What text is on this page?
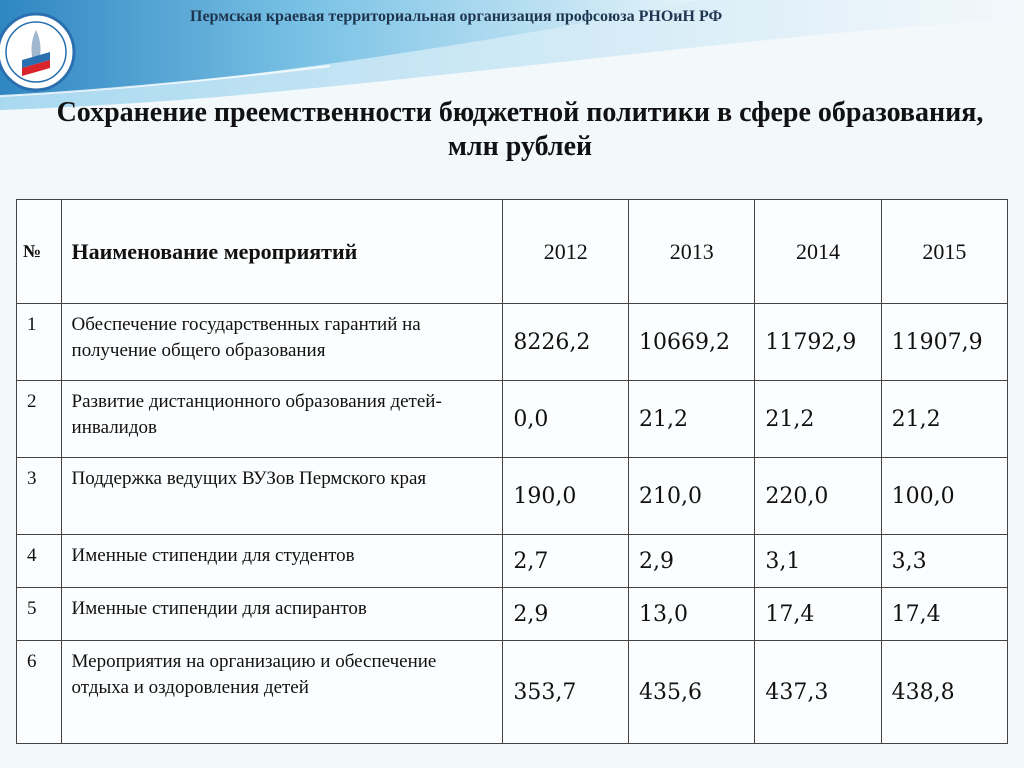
Пермская краевая территориальная организация профсоюза РНОиН РФ
Сохранение преемственности бюджетной политики в сфере образования, млн рублей
№	Наименование мероприятий	2012	2013	2014	2015
1	Обеспечение государственных гарантий на получение общего образования	8226,2	10669,2	11792,9	11907,9
2	Развитие дистанционного образования детей-инвалидов	0,0	21,2	21,2	21,2
3	Поддержка ведущих ВУЗов Пермского края	190,0	210,0	220,0	100,0
4	Именные стипендии для студентов	2,7	2,9	3,1	3,3
5	Именные стипендии для аспирантов	2,9	13,0	17,4	17,4
6	Мероприятия на организацию и обеспечение отдыха и оздоровления детей	353,7	435,6	437,3	438,8
